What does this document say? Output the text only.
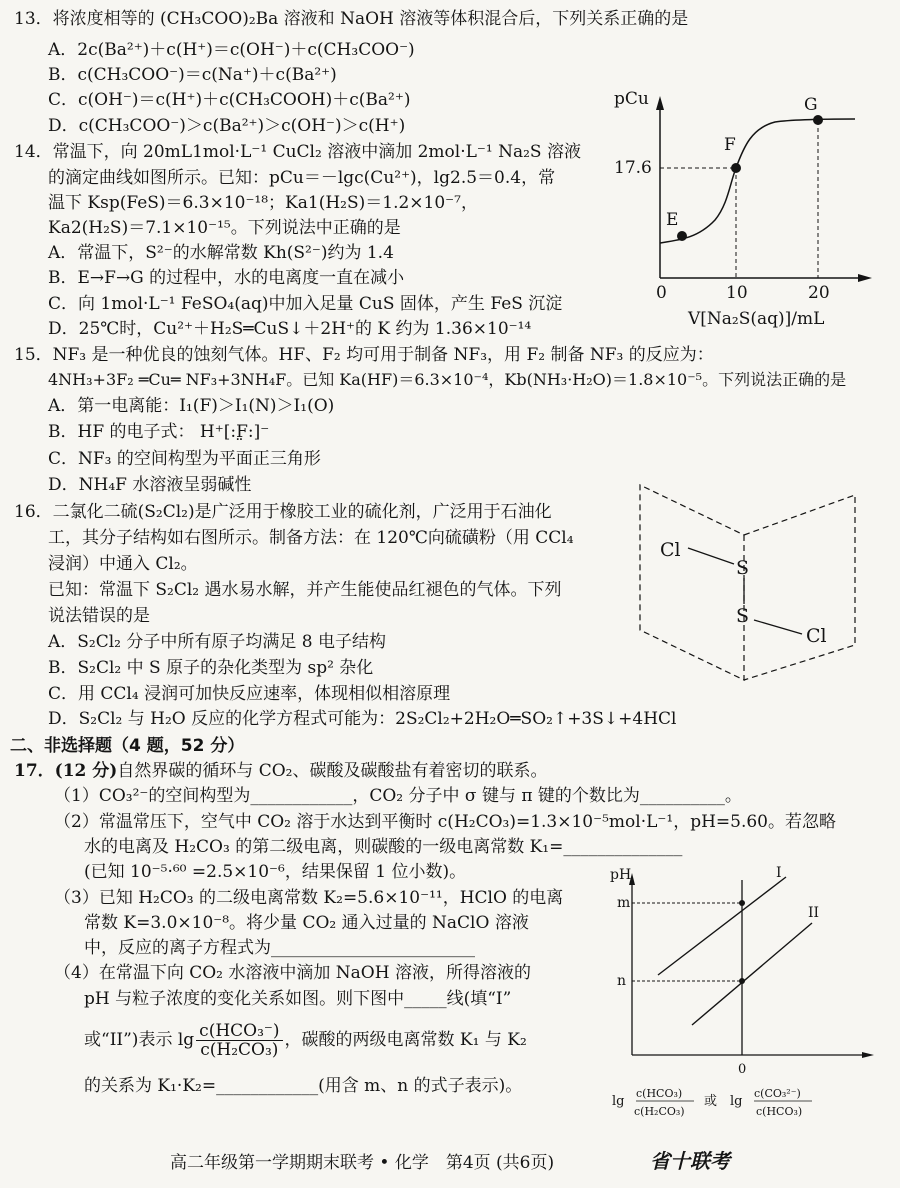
13．将浓度相等的 (CH₃COO)₂Ba 溶液和 NaOH 溶液等体积混合后，下列关系正确的是
A．2c(Ba²⁺)＋c(H⁺)＝c(OH⁻)＋c(CH₃COO⁻)
B．c(CH₃COO⁻)＝c(Na⁺)＋c(Ba²⁺)
C．c(OH⁻)＝c(H⁺)＋c(CH₃COOH)＋c(Ba²⁺)
D．c(CH₃COO⁻)＞c(Ba²⁺)＞c(OH⁻)＞c(H⁺)
14．常温下，向 20mL1mol·L⁻¹ CuCl₂ 溶液中滴加 2mol·L⁻¹ Na₂S 溶液
的滴定曲线如图所示。已知：pCu＝－lgc(Cu²⁺)，lg2.5＝0.4，常
温下 Ksp(FeS)＝6.3×10⁻¹⁸；Ka1(H₂S)＝1.2×10⁻⁷，
Ka2(H₂S)＝7.1×10⁻¹⁵。下列说法中正确的是
A．常温下，S²⁻的水解常数 Kh(S²⁻)约为 1.4
B．E→F→G 的过程中，水的电离度一直在减小
C．向 1mol·L⁻¹ FeSO₄(aq)中加入足量 CuS 固体，产生 FeS 沉淀
D．25℃时，Cu²⁺＋H₂S═CuS↓＋2H⁺的 K 约为 1.36×10⁻¹⁴
pCu
17.6
E
F
G
0	10	20
V[Na₂S(aq)]/mL
15．NF₃ 是一种优良的蚀刻气体。HF、F₂ 均可用于制备 NF₃，用 F₂ 制备 NF₃ 的反应为：
4NH₃+3F₂ ═Cu═ NF₃+3NH₄F。已知 Ka(HF)＝6.3×10⁻⁴，Kb(NH₃·H₂O)＝1.8×10⁻⁵。下列说法正确的是
A．第一电离能：I₁(F)＞I₁(N)＞I₁(O)
B．HF 的电子式： H⁺[:F̤:]⁻
C．NF₃ 的空间构型为平面正三角形
D．NH₄F 水溶液呈弱碱性
16．二氯化二硫(S₂Cl₂)是广泛用于橡胶工业的硫化剂，广泛用于石油化
工，其分子结构如右图所示。制备方法：在 120℃向硫磺粉（用 CCl₄
浸润）中通入 Cl₂。
已知：常温下 S₂Cl₂ 遇水易水解，并产生能使品红褪色的气体。下列
说法错误的是
A．S₂Cl₂ 分子中所有原子均满足 8 电子结构
B．S₂Cl₂ 中 S 原子的杂化类型为 sp² 杂化
C．用 CCl₄ 浸润可加快反应速率，体现相似相溶原理
D．S₂Cl₂ 与 H₂O 反应的化学方程式可能为：2S₂Cl₂+2H₂O═SO₂↑+3S↓+4HCl
Cl
S
S
Cl
二、非选择题（4 题，52 分）
17．(12 分)自然界碳的循环与 CO₂、碳酸及碳酸盐有着密切的联系。
（1）CO₃²⁻的空间构型为____________，CO₂ 分子中 σ 键与 π 键的个数比为__________。
（2）常温常压下，空气中 CO₂ 溶于水达到平衡时 c(H₂CO₃)=1.3×10⁻⁵mol·L⁻¹，pH=5.60。若忽略
水的电离及 H₂CO₃ 的第二级电离，则碳酸的一级电离常数 K₁=______________
(已知 10⁻⁵·⁶⁰ =2.5×10⁻⁶，结果保留 1 位小数)。
（3）已知 H₂CO₃ 的二级电离常数 K₂=5.6×10⁻¹¹，HClO 的电离
常数 K=3.0×10⁻⁸。将少量 CO₂ 通入过量的 NaClO 溶液
中，反应的离子方程式为________________________
（4）在常温下向 CO₂ 水溶液中滴加 NaOH 溶液，所得溶液的
pH 与粒子浓度的变化关系如图。则下图中_____线(填“I”
或“II”)表示 $\lg \frac{\text{c(HCO₃⁻)}}{\text{c(H₂CO₃)}}$ ，碳酸的两级电离常数 K₁ 与 K₂
的关系为 K₁·K₂=____________(用含 m、n 的式子表示)。
pH
m
n
I
II
0
lg
c(HCO₃)
c(H₂CO₃)
或 lg
c(CO₃²⁻)
c(HCO₃)
高二年级第一学期期末联考 • 化学　第4页 (共6页)	省十联考
